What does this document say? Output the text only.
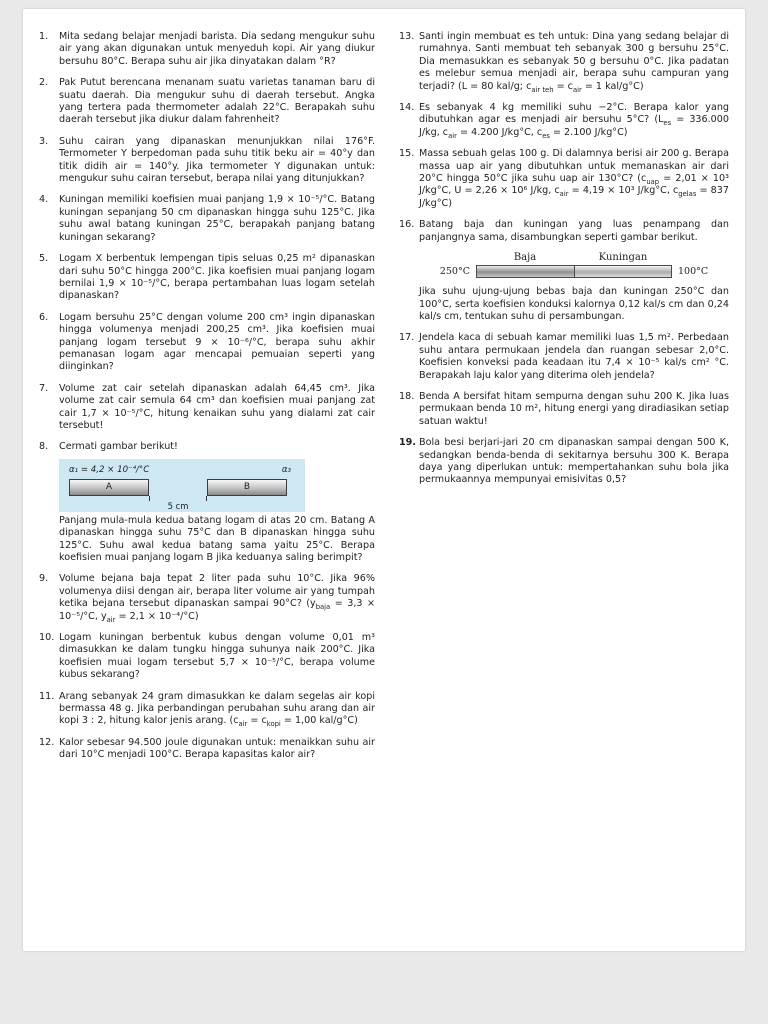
1.	Mita sedang belajar menjadi barista. Dia sedang mengukur suhu air yang akan digunakan untuk menyeduh kopi. Air yang diukur bersuhu 80°C. Berapa suhu air jika dinyatakan dalam °R?
2.	Pak Putut berencana menanam suatu varietas tanaman baru di suatu daerah. Dia mengukur suhu di daerah tersebut. Angka yang tertera pada thermometer adalah 22°C. Berapakah suhu daerah tersebut jika diukur dalam fahrenheit?
3.	Suhu cairan yang dipanaskan menunjukkan nilai 176°F. Termometer Y berpedoman pada suhu titik beku air = 40°y dan titik didih air = 140°y. Jika termometer Y digunakan untuk: mengukur suhu cairan tersebut, berapa nilai yang ditunjukkan?
4.	Kuningan memiliki koefisien muai panjang 1,9 × 10⁻⁵/°C. Batang kuningan sepanjang 50 cm dipanaskan hingga suhu 125°C. Jika suhu awal batang kuningan 25°C, berapakah panjang batang kuningan sekarang?
5.	Logam X berbentuk lempengan tipis seluas 0,25 m² dipanaskan dari suhu 50°C hingga 200°C. Jika koefisien muai panjang logam bernilai 1,9 × 10⁻⁵/°C, berapa pertambahan luas logam setelah dipanaskan?
6.	Logam bersuhu 25°C dengan volume 200 cm³ ingin dipanaskan hingga volumenya menjadi 200,25 cm³. Jika koefisien muai panjang logam tersebut 9 × 10⁻⁶/°C, berapa suhu akhir pemanasan logam agar mencapai pemuaian seperti yang diinginkan?
7.	Volume zat cair setelah dipanaskan adalah 64,45 cm³. Jika volume zat cair semula 64 cm³ dan koefisien muai panjang zat cair 1,7 × 10⁻⁵/°C, hitung kenaikan suhu yang dialami zat cair tersebut!
8.	Cermati gambar berikut!
α₁ = 4,2 × 10⁻⁴/°C	α₃
A	B
5 cm
Panjang mula-mula kedua batang logam di atas 20 cm. Batang A dipanaskan hingga suhu 75°C dan B dipanaskan hingga suhu 125°C. Suhu awal kedua batang sama yaitu 25°C. Berapa koefisien muai panjang logam B jika keduanya saling berimpit?
9.	Volume bejana baja tepat 2 liter pada suhu 10°C. Jika 96% volumenya diisi dengan air, berapa liter volume air yang tumpah ketika bejana tersebut dipanaskan sampai 90°C? ($y_{baja} = 3,3 \times 10^{-5}/^\circ C$, $y_{air} = 2,1 \times 10^{-4}/^\circ C$)
10. Logam kuningan berbentuk kubus dengan volume 0,01 m³ dimasukkan ke dalam tungku hingga suhunya naik 200°C. Jika koefisien muai logam tersebut 5,7 × 10⁻⁵/°C, berapa volume kubus sekarang?
11. Arang sebanyak 24 gram dimasukkan ke dalam segelas air kopi bermassa 48 g. Jika perbandingan perubahan suhu arang dan air kopi 3 : 2, hitung kalor jenis arang. ($c_{air} = c_{kopi} = 1,00$ kal/g°C)
12. Kalor sebesar 94.500 joule digunakan untuk: menaikkan suhu air dari 10°C menjadi 100°C. Berapa kapasitas kalor air?
13. Santi ingin membuat es teh untuk: Dina yang sedang belajar di rumahnya. Santi membuat teh sebanyak 300 g bersuhu 25°C. Dia memasukkan es sebanyak 50 g bersuhu 0°C. Jika padatan es melebur semua menjadi air, berapa suhu campuran yang terjadi? (L = 80 kal/g; $c_{air teh} = c_{air} = 1$ kal/g°C)
14. Es sebanyak 4 kg memiliki suhu −2°C. Berapa kalor yang dibutuhkan agar es menjadi air bersuhu 5°C? ($L_{es} = 336.000$ J/kg, $c_{air} = 4.200$ J/kg°C, $c_{es} = 2.100$ J/kg°C)
15. Massa sebuah gelas 100 g. Di dalamnya berisi air 200 g. Berapa massa uap air yang dibutuhkan untuk memanaskan air dari 20°C hingga 50°C jika suhu uap air 130°C? ($c_{uap} = 2,01 \times 10^3$ J/kg°C, U = 2,26 × 10⁶ J/kg, $c_{air} = 4,19 \times 10^3$ J/kg°C, $c_{gelas} = 837$ J/kg°C)
16. Batang baja dan kuningan yang luas penampang dan panjangnya sama, disambungkan seperti gambar berikut.
Baja	Kuningan
250°C	100°C
Jika suhu ujung-ujung bebas baja dan kuningan 250°C dan 100°C, serta koefisien konduksi kalornya 0,12 kal/s cm dan 0,24 kal/s cm, tentukan suhu di persambungan.
17. Jendela kaca di sebuah kamar memiliki luas 1,5 m². Perbedaan suhu antara permukaan jendela dan ruangan sebesar 2,0°C. Koefisien konveksi pada keadaan itu 7,4 × 10⁻⁵ kal/s cm² °C. Berapakah laju kalor yang diterima oleh jendela?
18. Benda A bersifat hitam sempurna dengan suhu 200 K. Jika luas permukaan benda 10 m², hitung energi yang diradiasikan setiap satuan waktu!
19. Bola besi berjari-jari 20 cm dipanaskan sampai dengan 500 K, sedangkan benda-benda di sekitarnya bersuhu 300 K. Berapa daya yang diperlukan untuk: mempertahankan suhu bola jika permukaannya mempunyai emisivitas 0,5?
